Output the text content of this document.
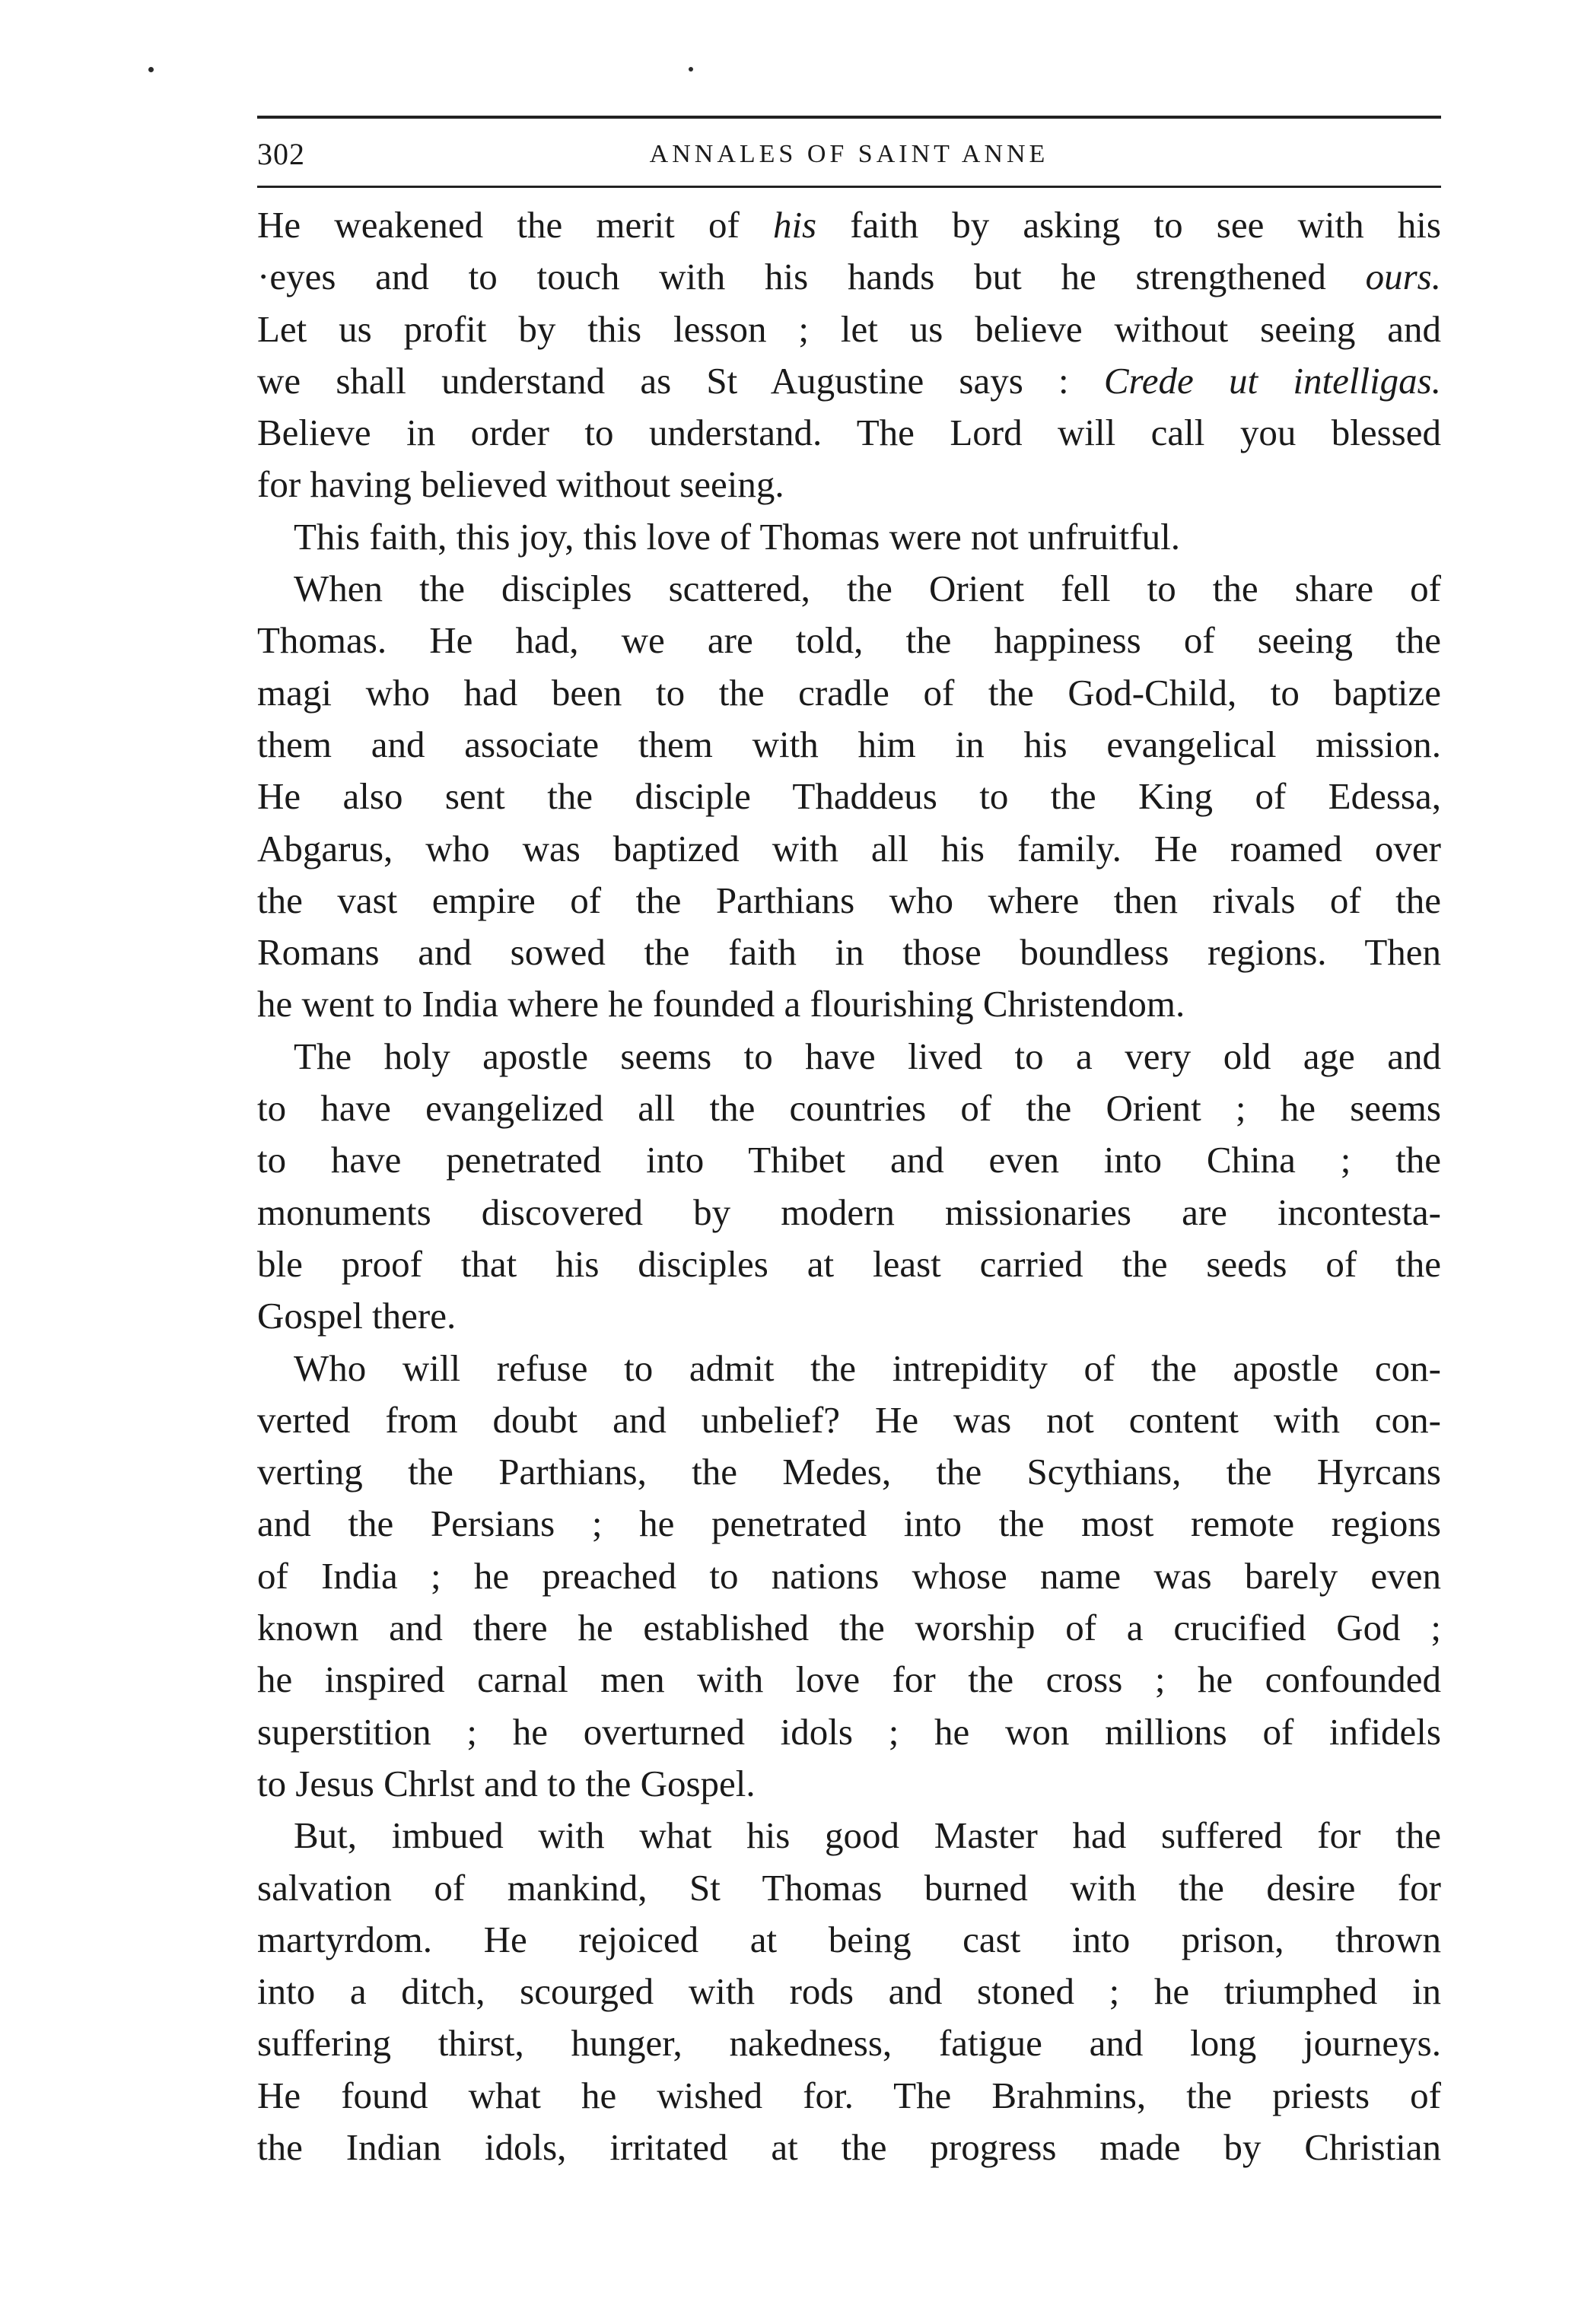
302	ANNALES OF SAINT ANNE
He weakened the merit of his faith by asking to see with his
·eyes and to touch with his hands but he strengthened ours.
Let us profit by this lesson ; let us believe without seeing and
we shall understand as St Augustine says : Crede ut intelligas.
Believe in order to understand. The Lord will call you blessed
for having believed without seeing.
This faith, this joy, this love of Thomas were not unfruitful.
When the disciples scattered, the Orient fell to the share of
Thomas. He had, we are told, the happiness of seeing the
magi who had been to the cradle of the God-Child, to baptize
them and associate them with him in his evangelical mission.
He also sent the disciple Thaddeus to the King of Edessa,
Abgarus, who was baptized with all his family. He roamed over
the vast empire of the Parthians who where then rivals of the
Romans and sowed the faith in those boundless regions. Then
he went to India where he founded a flourishing Christendom.
The holy apostle seems to have lived to a very old age and
to have evangelized all the countries of the Orient ; he seems
to have penetrated into Thibet and even into China ; the
monuments discovered by modern missionaries are incontesta-
ble proof that his disciples at least carried the seeds of the
Gospel there.
Who will refuse to admit the intrepidity of the apostle con-
verted from doubt and unbelief? He was not content with con-
verting the Parthians, the Medes, the Scythians, the Hyrcans
and the Persians ; he penetrated into the most remote regions
of India ; he preached to nations whose name was barely even
known and there he established the worship of a crucified God ;
he inspired carnal men with love for the cross ; he confounded
superstition ; he overturned idols ; he won millions of infidels
to Jesus Chrlst and to the Gospel.
But, imbued with what his good Master had suffered for the
salvation of mankind, St Thomas burned with the desire for
martyrdom. He rejoiced at being cast into prison, thrown
into a ditch, scourged with rods and stoned ; he triumphed in
suffering thirst, hunger, nakedness, fatigue and long journeys.
He found what he wished for. The Brahmins, the priests of
the Indian idols, irritated at the progress made by Christian
